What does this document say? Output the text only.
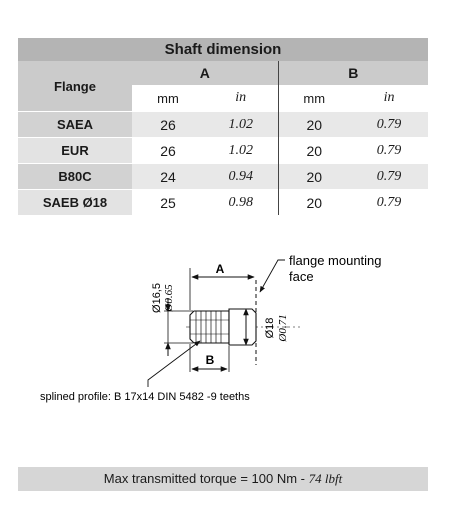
Shaft dimension				
Flange	A		B	
	mm	in	mm	in
SAEA	26	1.02	20	0.79
EUR	26	1.02	20	0.79
B80C	24	0.94	20	0.79
SAEB Ø18	25	0.98	20	0.79
A
B
Ø16,5 Ø0.65
Ø18 Ø0.71
flange mounting
face
splined profile: B 17x14 DIN 5482 -9 teeths
Max transmitted torque = 100 Nm - 74 lbft
